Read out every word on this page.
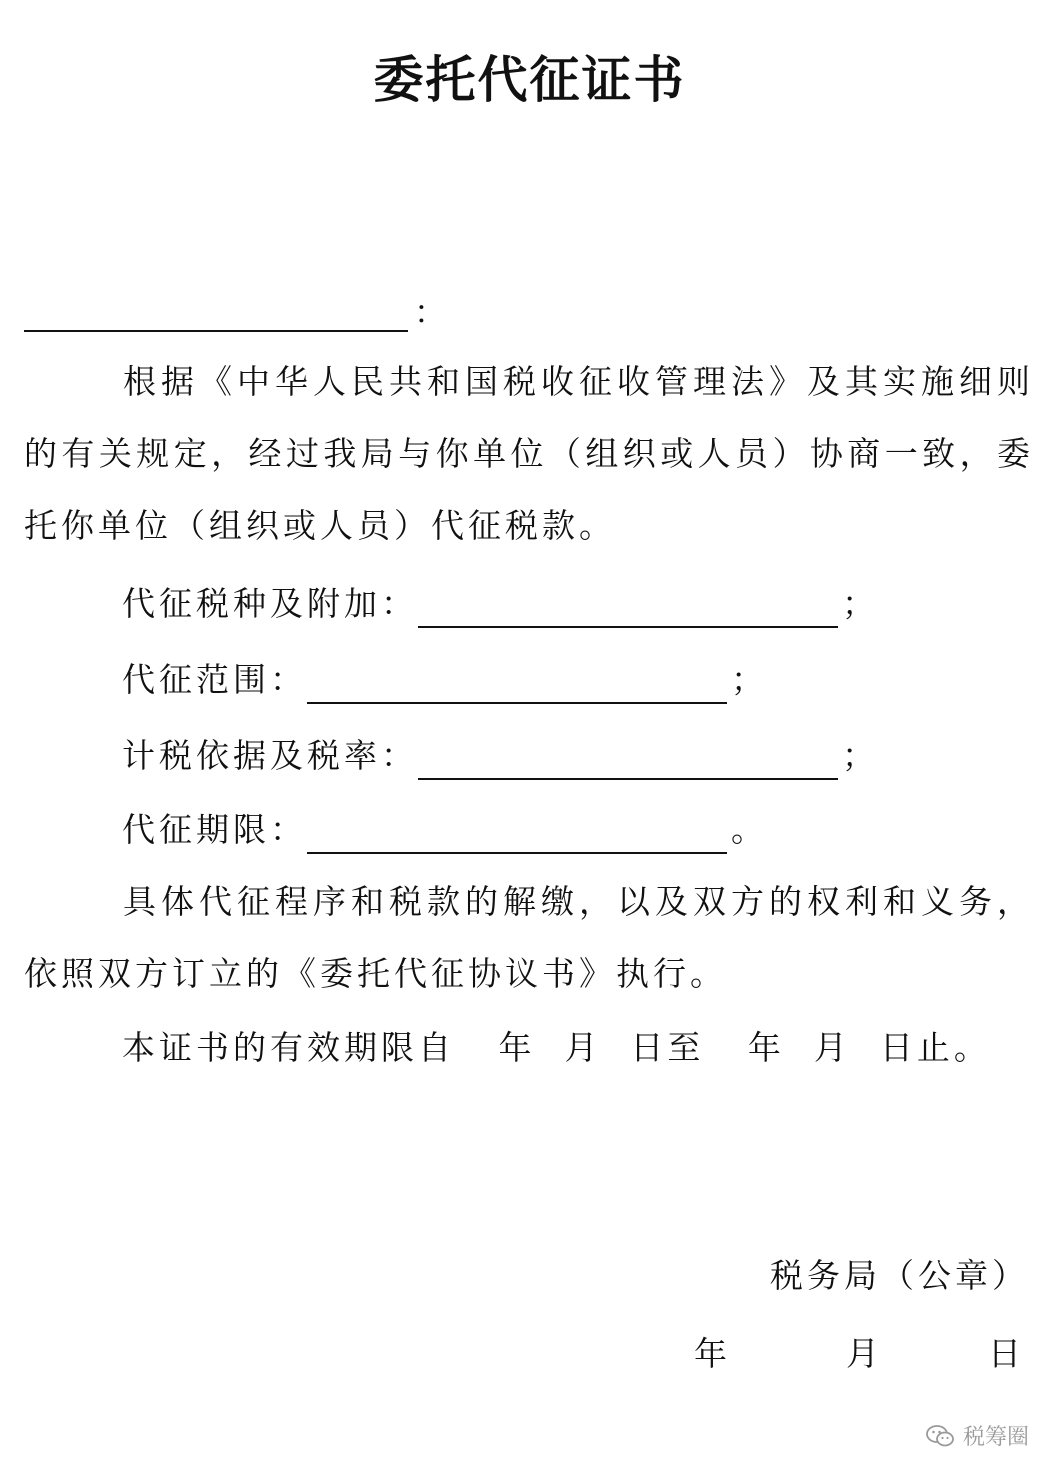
委托代征证书
：
根据《中华人民共和国税收征收管理法》及其实施细则的有关规定，经过我局与你单位（组织或人员）协商一致，委托你单位（组织或人员）代征税款。
代征税种及附加：	；
代征范围：	；
计税依据及税率：	；
代征期限：	。
具体代征程序和税款的解缴，以及双方的权利和义务，依照双方订立的《委托代征协议书》执行。
本证书的有效期限自   年  月  日至   年  月  日止。
税务局（公章）
年	月	日
税筹圈
